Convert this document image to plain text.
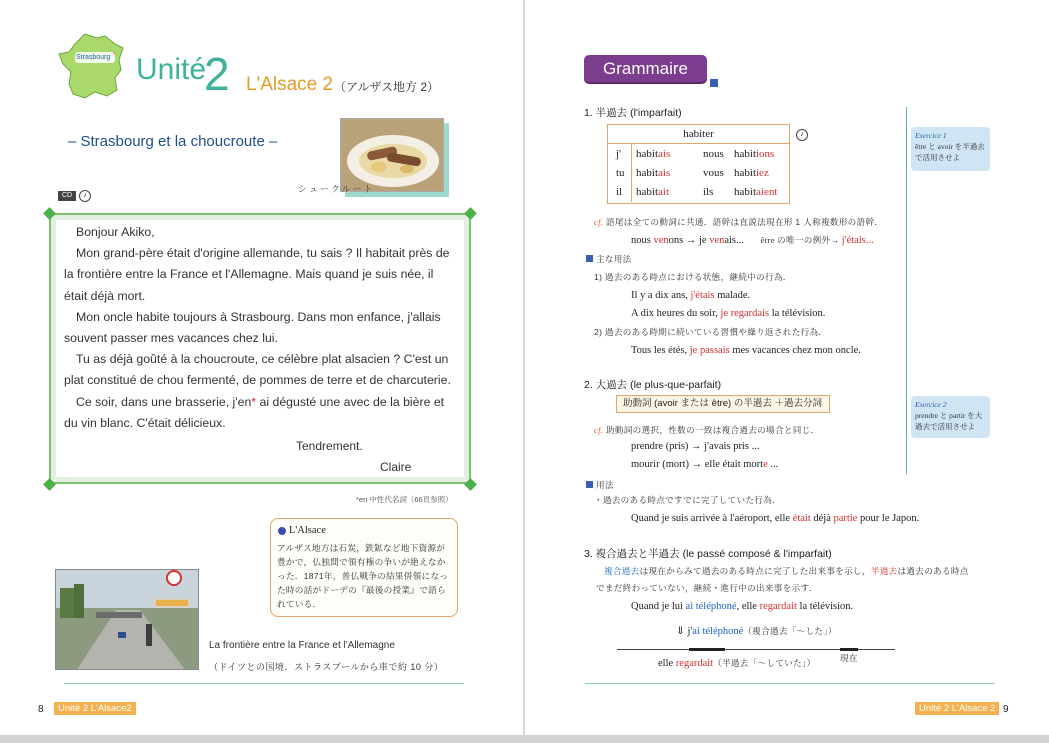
Strasbourg Unité
2 L'Alsace 2 （アルザス地方 2）
– Strasbourg et la choucroute –
シュークルート
CD	♪

Bonjour Akiko,

Mon grand-père était d'origine allemande, tu sais ? Il habitait près de la frontière entre la France et l'Allemagne. Mais quand je suis née, il était déjà mort.

Mon oncle habite toujours à Strasbourg. Dans mon enfance, j'allais souvent passer mes vacances chez lui.

Tu as déjà goûté à la choucroute, ce célèbre plat alsacien ? C'est un plat constitué de chou fermenté, de pommes de terre et de charcuterie.

Ce soir, dans une brasserie, j'en* ai dégusté une avec de la bière et du vin blanc. C'était délicieux.

Tendrement.
Claire
*en 中性代名詞（66頁参照）
L'Alsace
アルザス地方は石炭，鉄鉱など地下資源が豊かで，仏独間で領有権の争いが絶えなかった．1871年，普仏戦争の結果併領になった時の話がドーデの『最後の授業』で語られている．
La frontière entre la France et l'Allemagne
（ドイツとの国境．ストラスブールから車で約 10 分）
8	Unité 2 L'Alsace2
Grammaire
1. 半過去 (l'imparfait)
habiter
j' habitais	nous habitions
tu habitais	vous habitiez
il habitait	ils habitaient
♪	Exercice 1
être と avoir を半過去で活用させよ
Exercice 2
prendre と partir を大過去で活用させよ
cf. 語尾は全ての動詞に共通．語幹は直説法現在形 1 人称複数形の語幹．
nous venons → je venais... être の唯一の例外→ j'étais...
主な用法
1) 過去のある時点における状態，継続中の行為．
Il y a dix ans, j'étais malade.
A dix heures du soir, je regardais la télévision.
2) 過去のある時期に続いている習慣や繰り返された行為．
Tous les étés, je passais mes vacances chez mon oncle.
2. 大過去 (le plus-que-parfait)
助動詞 (avoir または être) の半過去 ＋過去分詞
cf. 助動詞の選択，性数の一致は複合過去の場合と同じ．
prendre (pris) → j'avais pris ...
mourir (mort) → elle était morte ...
用法
・過去のある時点ですでに完了していた行為．
Quand je suis arrivée à l'aéroport, elle était déjà partie pour le Japon.
3. 複合過去と半過去 (le passé composé & l'imparfait)
複合過去は現在からみて過去のある時点に完了した出来事を示し，半過去は過去のある時点
でまだ終わっていない，継続・進行中の出来事を示す．
Quand je lui ai téléphoné, elle regardait la télévision.
⇓ j'ai téléphoné（複合過去「〜した」）
現在
elle regardait（半過去「〜していた」）
Unité 2 L'Alsace 2 9
